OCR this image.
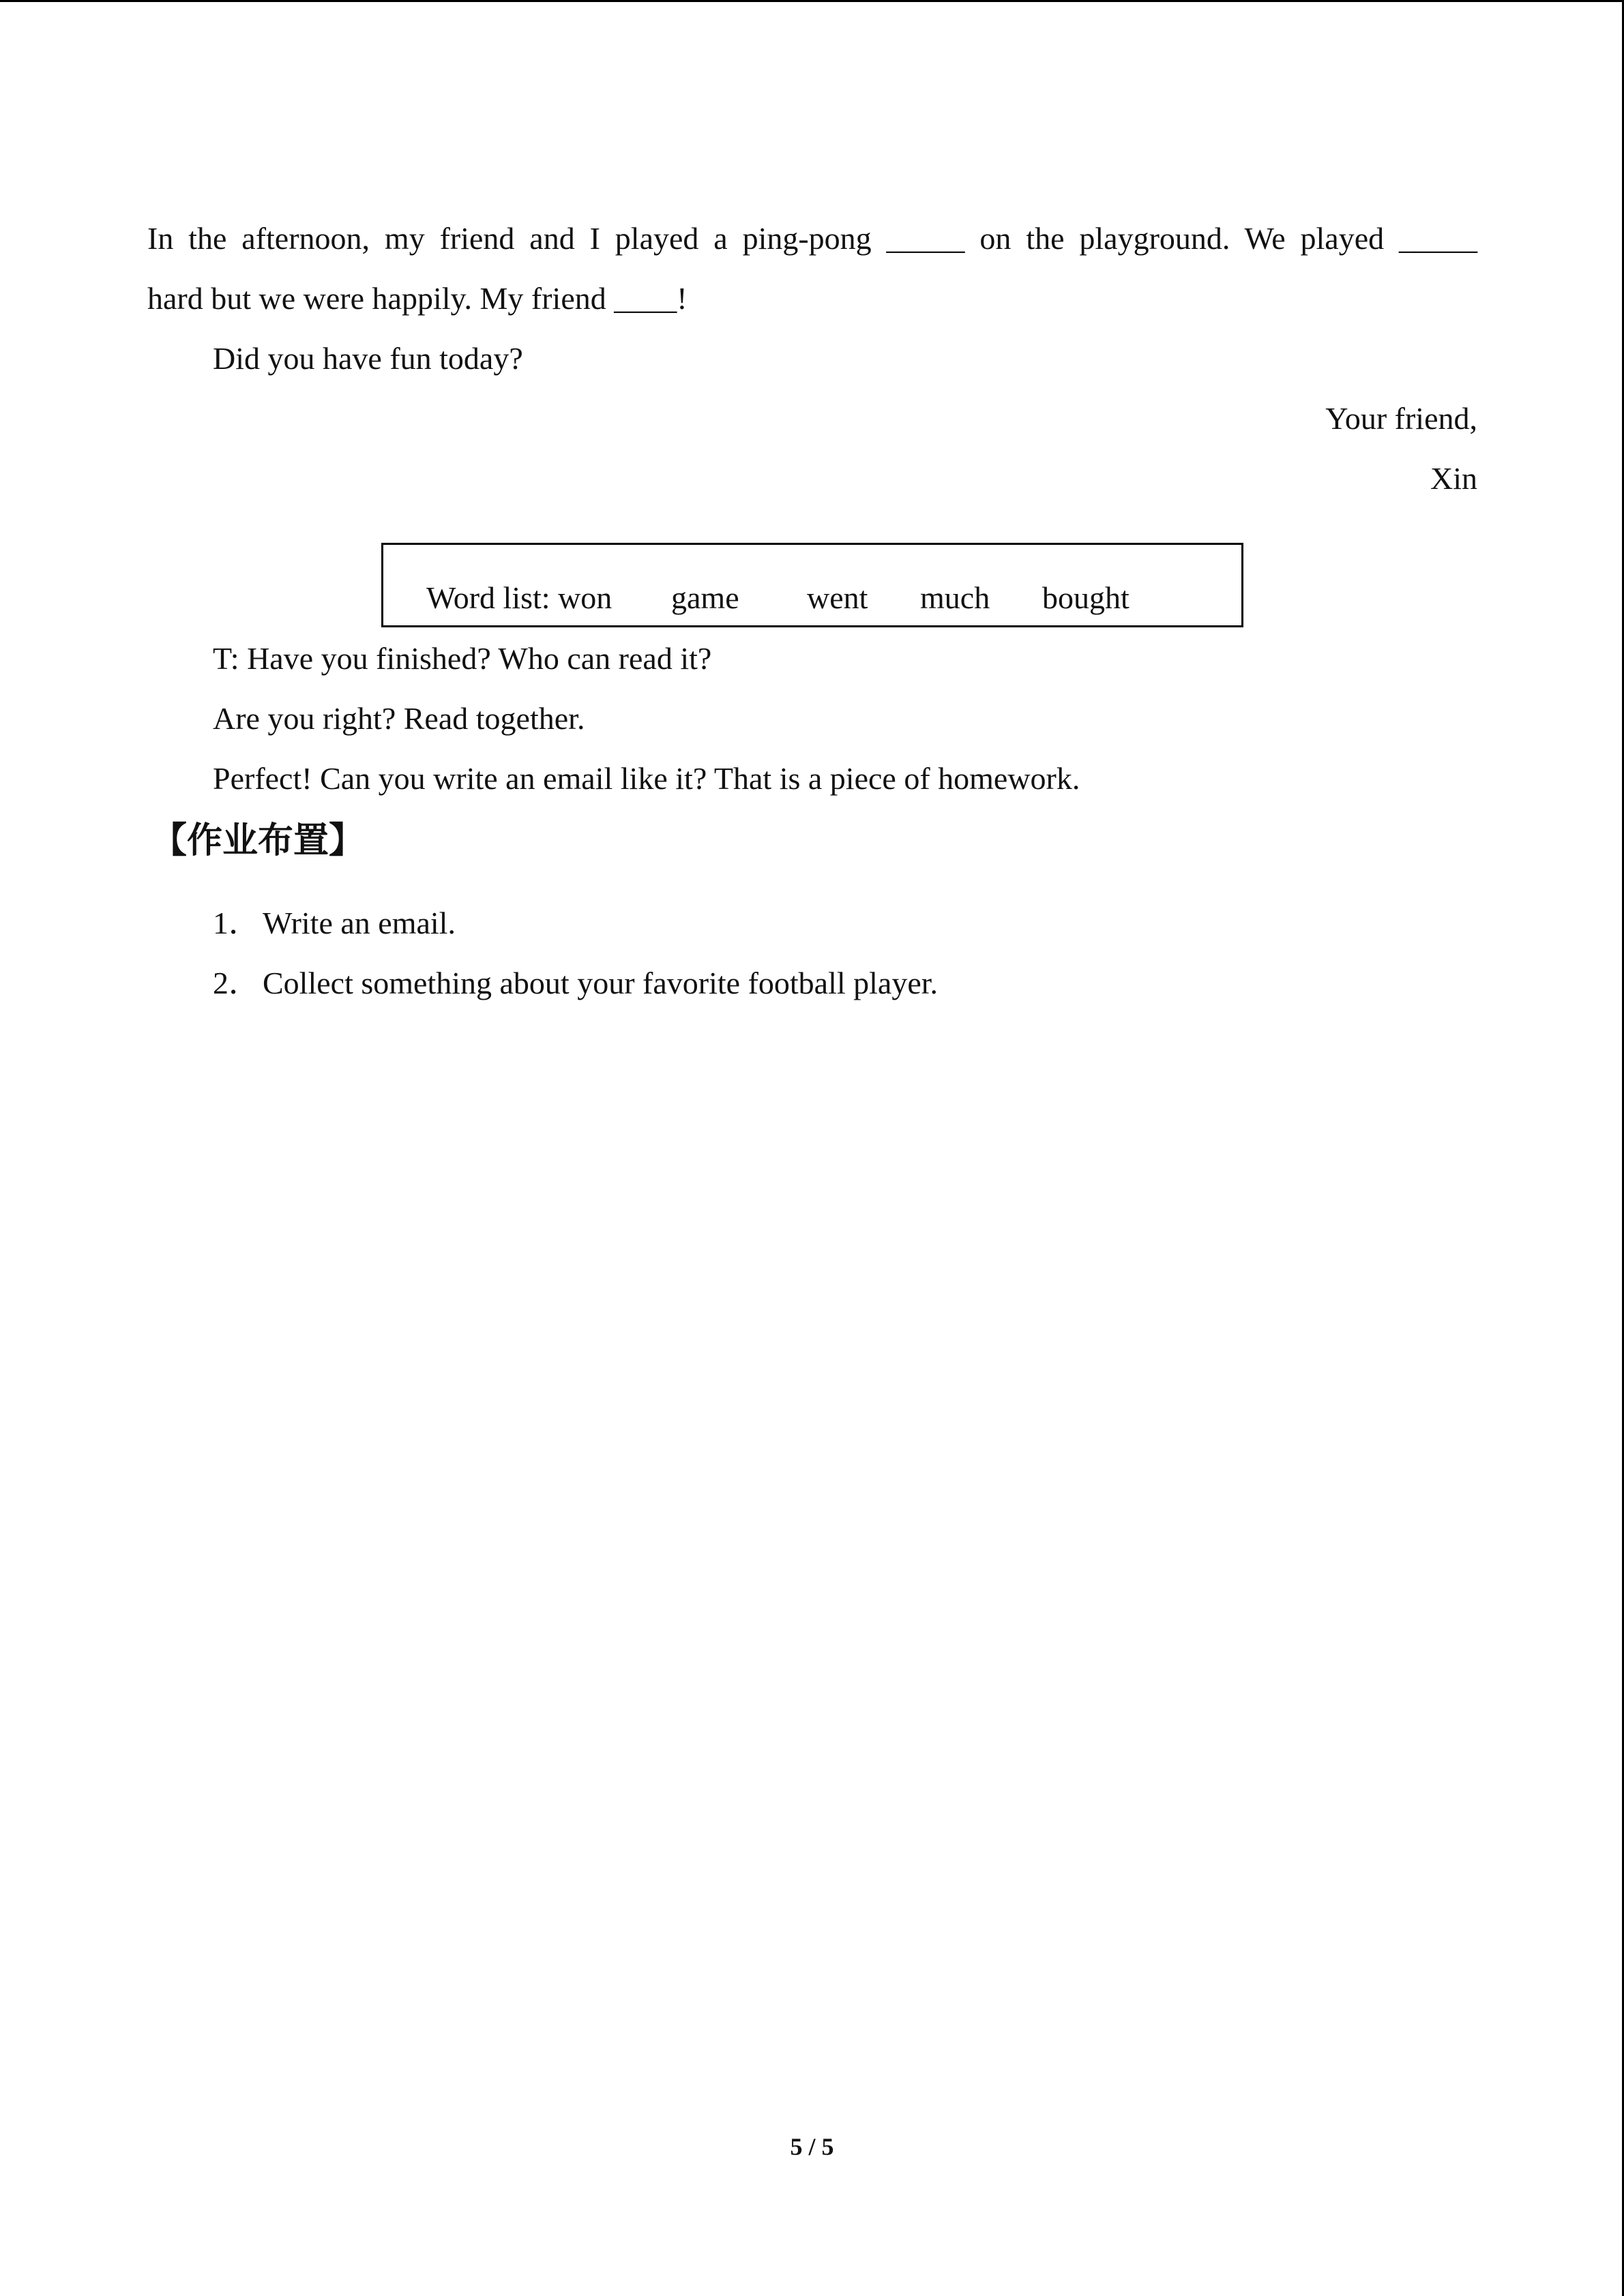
In the afternoon, my friend and I played a ping-pong _____ on the playground. We played _____
hard but we were happily. My friend ____!
Did you have fun today?
Your friend,
Xin
Word list: won game went much bought
T: Have you finished? Who can read it?
Are you right? Read together.
Perfect! Can you write an email like it? That is a piece of homework.
【作业布置】
1． Write an email.
2． Collect something about your favorite football player.
5 / 5
